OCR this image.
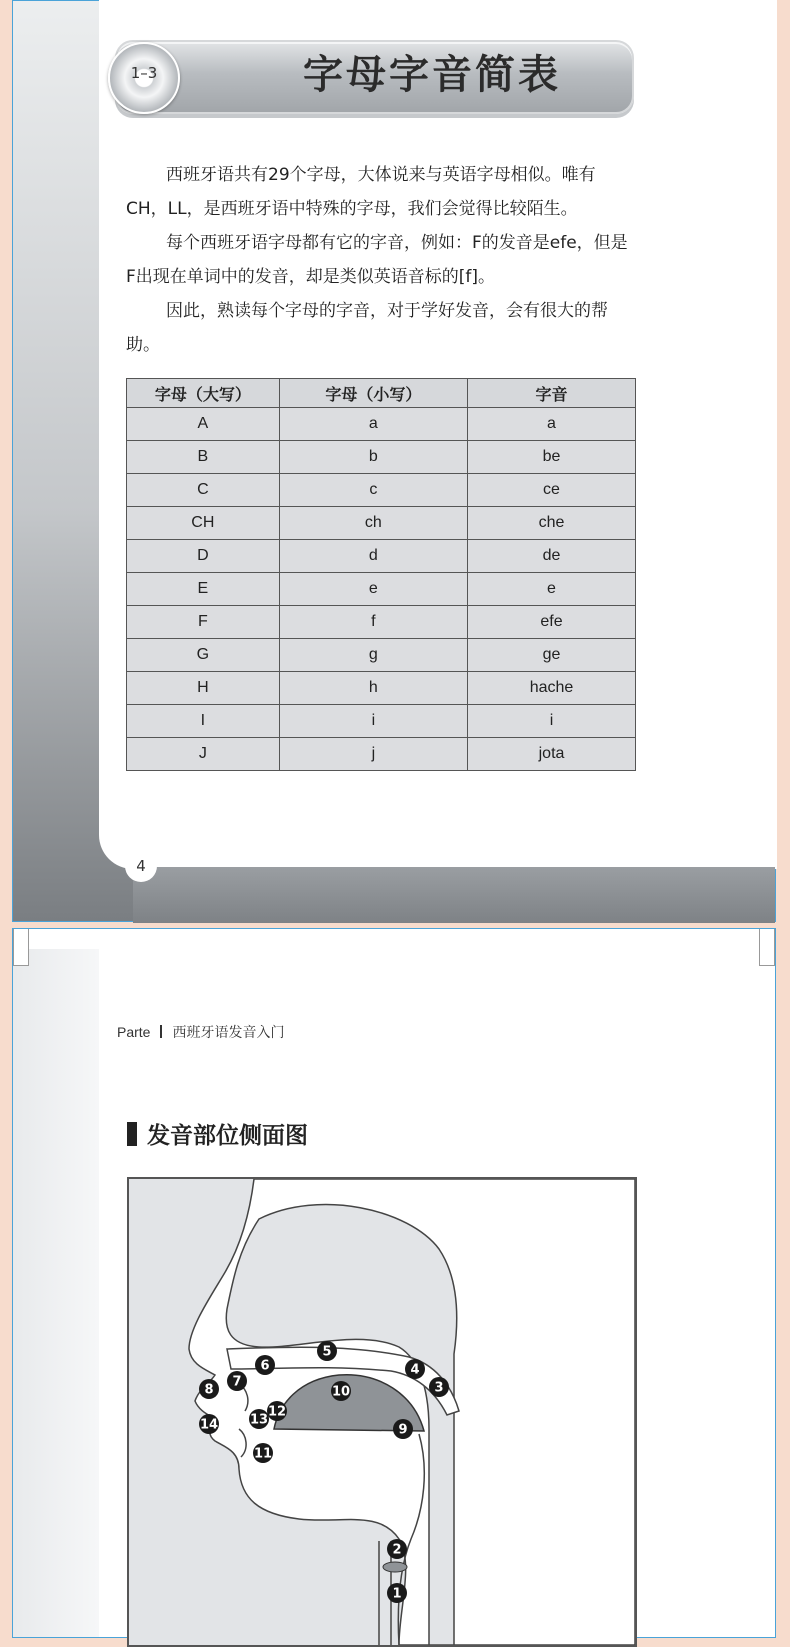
字母字音简表
1–3

西班牙语共有29个字母，大体说来与英语字母相似。唯有CH，LL，是西班牙语中特殊的字母，我们会觉得比较陌生。

每个西班牙语字母都有它的字音，例如：F的发音是efe，但是F出现在单词中的发音，却是类似英语音标的[f]。

因此，熟读每个字母的字音，对于学好发音，会有很大的帮助。

字母（大写）	字母（小写）	字音
A	a	a
B	b	be
C	c	ce
CH	ch	che
D	d	de
E	e	e
F	f	efe
G	g	ge
H	h	hache
I	i	i
J	j	jota
4
Parte 西班牙语发音入门
发音部位侧面图
1
2
3
4
5
6
7
8
9
10
11
12
13
14
